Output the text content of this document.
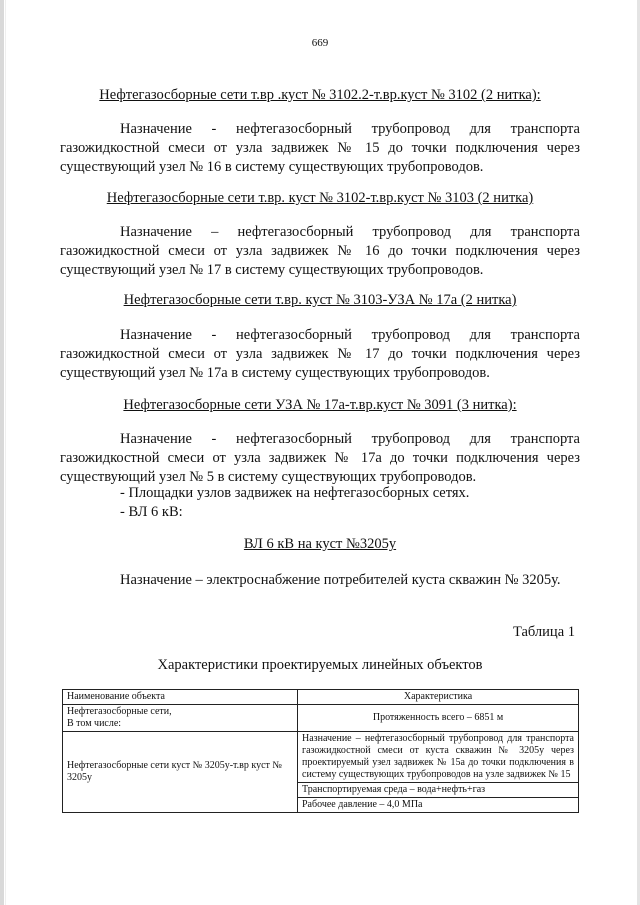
669
Нефтегазосборные сети т.вр .куст № 3102.2-т.вр.куст № 3102 (2 нитка):

Назначение - нефтегазосборный трубопровод для транспорта газожидкостной смеси от узла задвижек № 15 до точки подключения через существующий узел № 16 в систему существующих трубопроводов.

Нефтегазосборные сети т.вр. куст № 3102-т.вр.куст № 3103 (2 нитка)

Назначение – нефтегазосборный трубопровод для транспорта газожидкостной смеси от узла задвижек № 16 до точки подключения через существующий узел № 17 в систему существующих трубопроводов.

Нефтегазосборные сети т.вр. куст № 3103-УЗА № 17а (2 нитка)

Назначение - нефтегазосборный трубопровод для транспорта газожидкостной смеси от узла задвижек № 17 до точки подключения через существующий узел № 17а в систему существующих трубопроводов.

Нефтегазосборные сети УЗА № 17а-т.вр.куст № 3091 (3 нитка):

Назначение - нефтегазосборный трубопровод для транспорта газожидкостной смеси от узла задвижек № 17а до точки подключения через существующий узел № 5 в систему существующих трубопроводов.

- Площадки узлов задвижек на нефтегазосборных сетях.

- ВЛ 6 кВ:

ВЛ 6 кВ на куст №3205у

Назначение – электроснабжение потребителей куста скважин № 3205у.

Таблица 1
Характеристики проектируемых линейных объектов
Наименование объекта	Характеристика

Нефтегазосборные сети,
В том числе:	Протяженность всего – 6851 м
Нефтегазосборные сети куст № 3205у-т.вр куст № 3205у	Назначение – нефтегазосборный трубопровод для транспорта газожидкостной смеси от куста скважин № 3205у через проектируемый узел задвижек № 15а до точки подключения в систему существующих трубопроводов на узле задвижек № 15
	Транспортируемая среда – вода+нефть+газ
	Рабочее давление – 4,0 МПа
